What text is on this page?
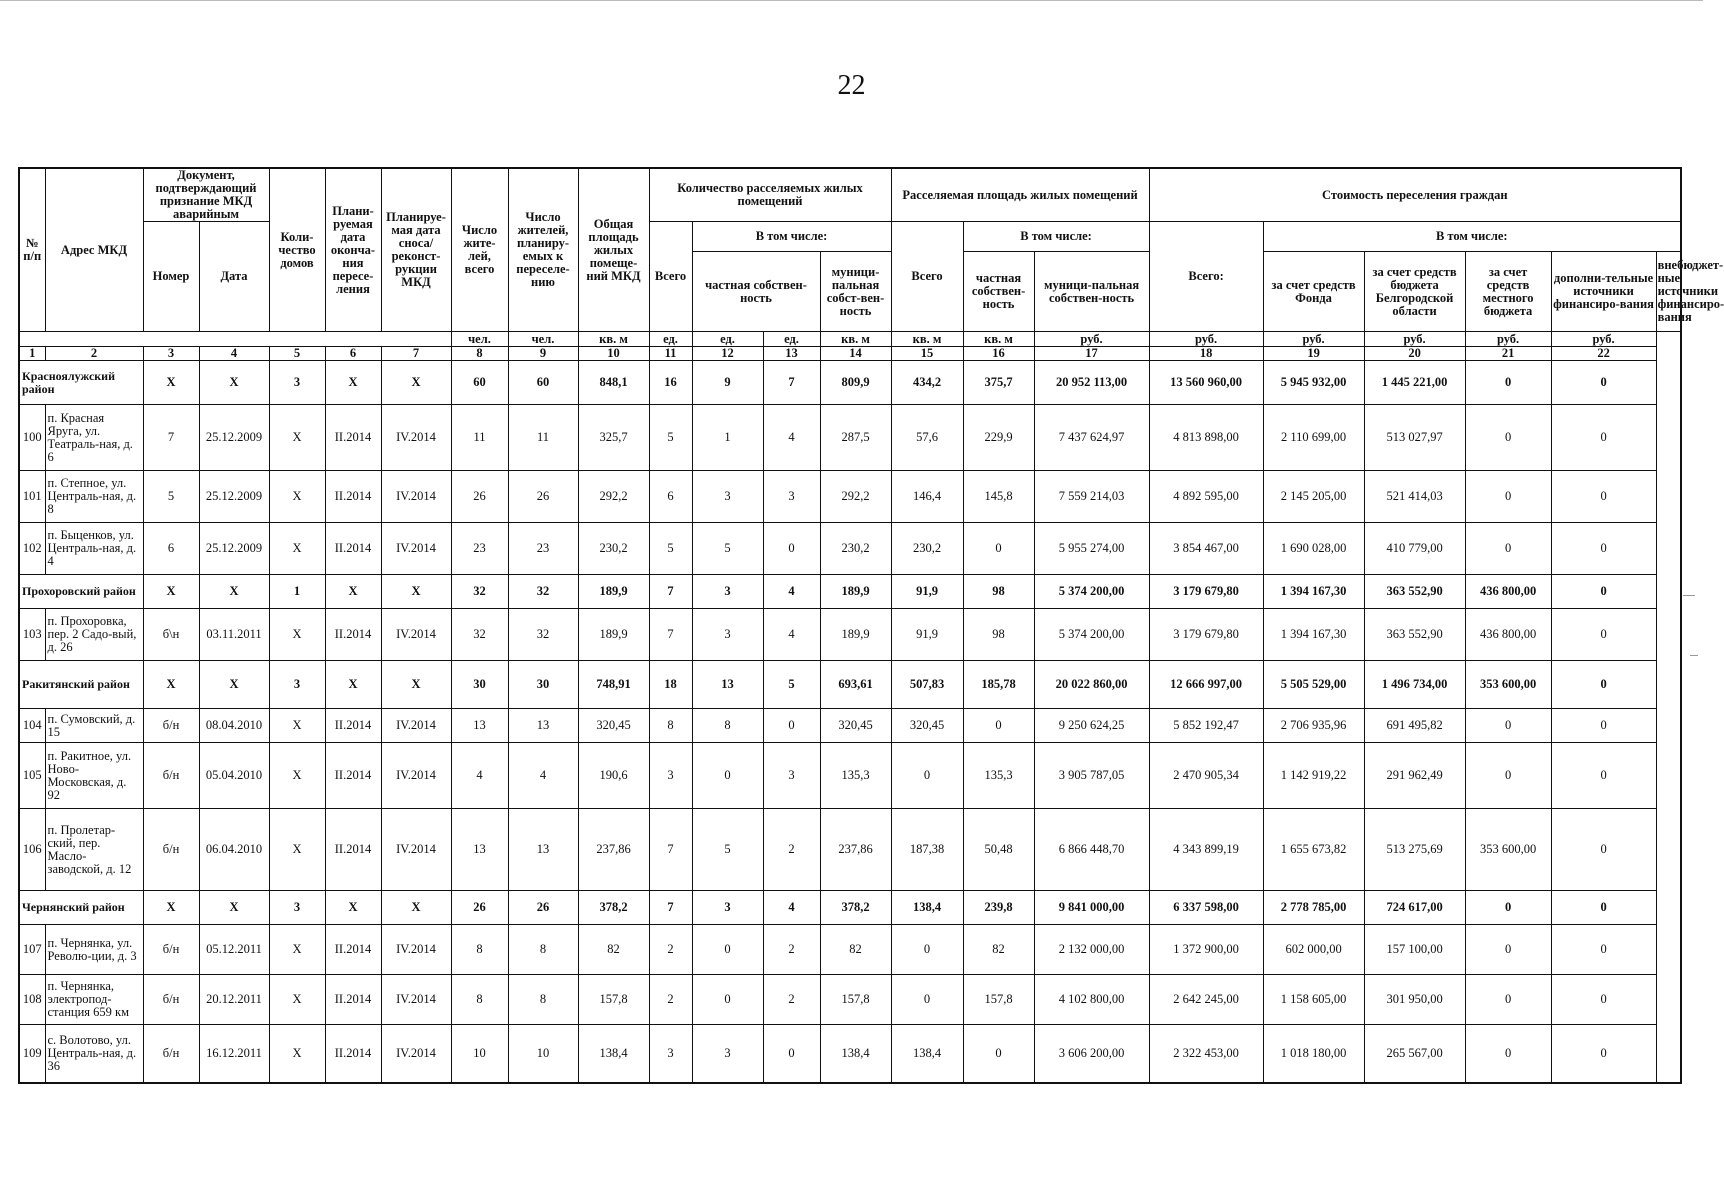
22
№ п/п	Адрес МКД	Документ, подтверждающий признание МКД аварийным		Коли-чество домов	Плани-руемая дата оконча-ния пересе-ления	Планируе-мая дата сноса/ реконст-рукции МКД	Число жите-лей, всего	Число жителей, планиру-емых к переселе-нию	Общая площадь жилых помеще-ний МКД	Количество расселяемых жилых помещений				Расселяемая площадь жилых помещений			Стоимость переселения граждан					
		Номер	Дата							Всего	В том числе:			Всего	В том числе:		Всего:	В том числе:				
											частная собствен-ность		муници-пальная собст-вен-ность		частная собствен-ность	муници-пальная собствен-ность		за счет средств Фонда	за счет средств бюджета Белгородской области	за счет средств местного бюджета	дополни-тельные источники финансиро-вания	внебюджет-ные источники финансиро-вания
							чел.	чел.	кв. м	ед.	ед.	ед.	кв. м	кв. м	кв. м	руб.	руб.	руб.	руб.	руб.	руб.	
1	2	3	4	5	6	7	8	9	10	11	12	13	14	15	16	17	18	19	20	21	22	
Красноялужский район		Х	Х	3	Х	Х	60	60	848,1	16	9	7	809,9	434,2	375,7	20 952 113,00	13 560 960,00	5 945 932,00	1 445 221,00	0	0	
100	п. Красная Яруга, ул. Театраль-ная, д. 6	7	25.12.2009	Х	II.2014	IV.2014	11	11	325,7	5	1	4	287,5	57,6	229,9	7 437 624,97	4 813 898,00	2 110 699,00	513 027,97	0	0	
101	п. Степное, ул. Централь-ная, д. 8	5	25.12.2009	Х	II.2014	IV.2014	26	26	292,2	6	3	3	292,2	146,4	145,8	7 559 214,03	4 892 595,00	2 145 205,00	521 414,03	0	0	
102	п. Быценков, ул. Централь-ная, д. 4	6	25.12.2009	Х	II.2014	IV.2014	23	23	230,2	5	5	0	230,2	230,2	0	5 955 274,00	3 854 467,00	1 690 028,00	410 779,00	0	0	
Прохоровский район		Х	Х	1	Х	Х	32	32	189,9	7	3	4	189,9	91,9	98	5 374 200,00	3 179 679,80	1 394 167,30	363 552,90	436 800,00	0	
103	п. Прохоровка, пер. 2 Садо-вый, д. 26	б\н	03.11.2011	Х	II.2014	IV.2014	32	32	189,9	7	3	4	189,9	91,9	98	5 374 200,00	3 179 679,80	1 394 167,30	363 552,90	436 800,00	0	
Ракитянский район		Х	Х	3	Х	Х	30	30	748,91	18	13	5	693,61	507,83	185,78	20 022 860,00	12 666 997,00	5 505 529,00	1 496 734,00	353 600,00	0	
104	п. Сумовский, д. 15	б/н	08.04.2010	Х	II.2014	IV.2014	13	13	320,45	8	8	0	320,45	320,45	0	9 250 624,25	5 852 192,47	2 706 935,96	691 495,82	0	0	
105	п. Ракитное, ул. Ново-Московская, д. 92	б/н	05.04.2010	Х	II.2014	IV.2014	4	4	190,6	3	0	3	135,3	0	135,3	3 905 787,05	2 470 905,34	1 142 919,22	291 962,49	0	0	
106	п. Пролетар-ский, пер. Масло-заводской, д. 12	б/н	06.04.2010	Х	II.2014	IV.2014	13	13	237,86	7	5	2	237,86	187,38	50,48	6 866 448,70	4 343 899,19	1 655 673,82	513 275,69	353 600,00	0	
Чернянский район		Х	Х	3	Х	Х	26	26	378,2	7	3	4	378,2	138,4	239,8	9 841 000,00	6 337 598,00	2 778 785,00	724 617,00	0	0	
107	п. Чернянка, ул. Револю-ции, д. 3	б/н	05.12.2011	Х	II.2014	IV.2014	8	8	82	2	0	2	82	0	82	2 132 000,00	1 372 900,00	602 000,00	157 100,00	0	0	
108	п. Чернянка, электропод-станция 659 км	б/н	20.12.2011	Х	II.2014	IV.2014	8	8	157,8	2	0	2	157,8	0	157,8	4 102 800,00	2 642 245,00	1 158 605,00	301 950,00	0	0	
109	с. Волотово, ул. Централь-ная, д. 36	б/н	16.12.2011	Х	II.2014	IV.2014	10	10	138,4	3	3	0	138,4	138,4	0	3 606 200,00	2 322 453,00	1 018 180,00	265 567,00	0	0	
